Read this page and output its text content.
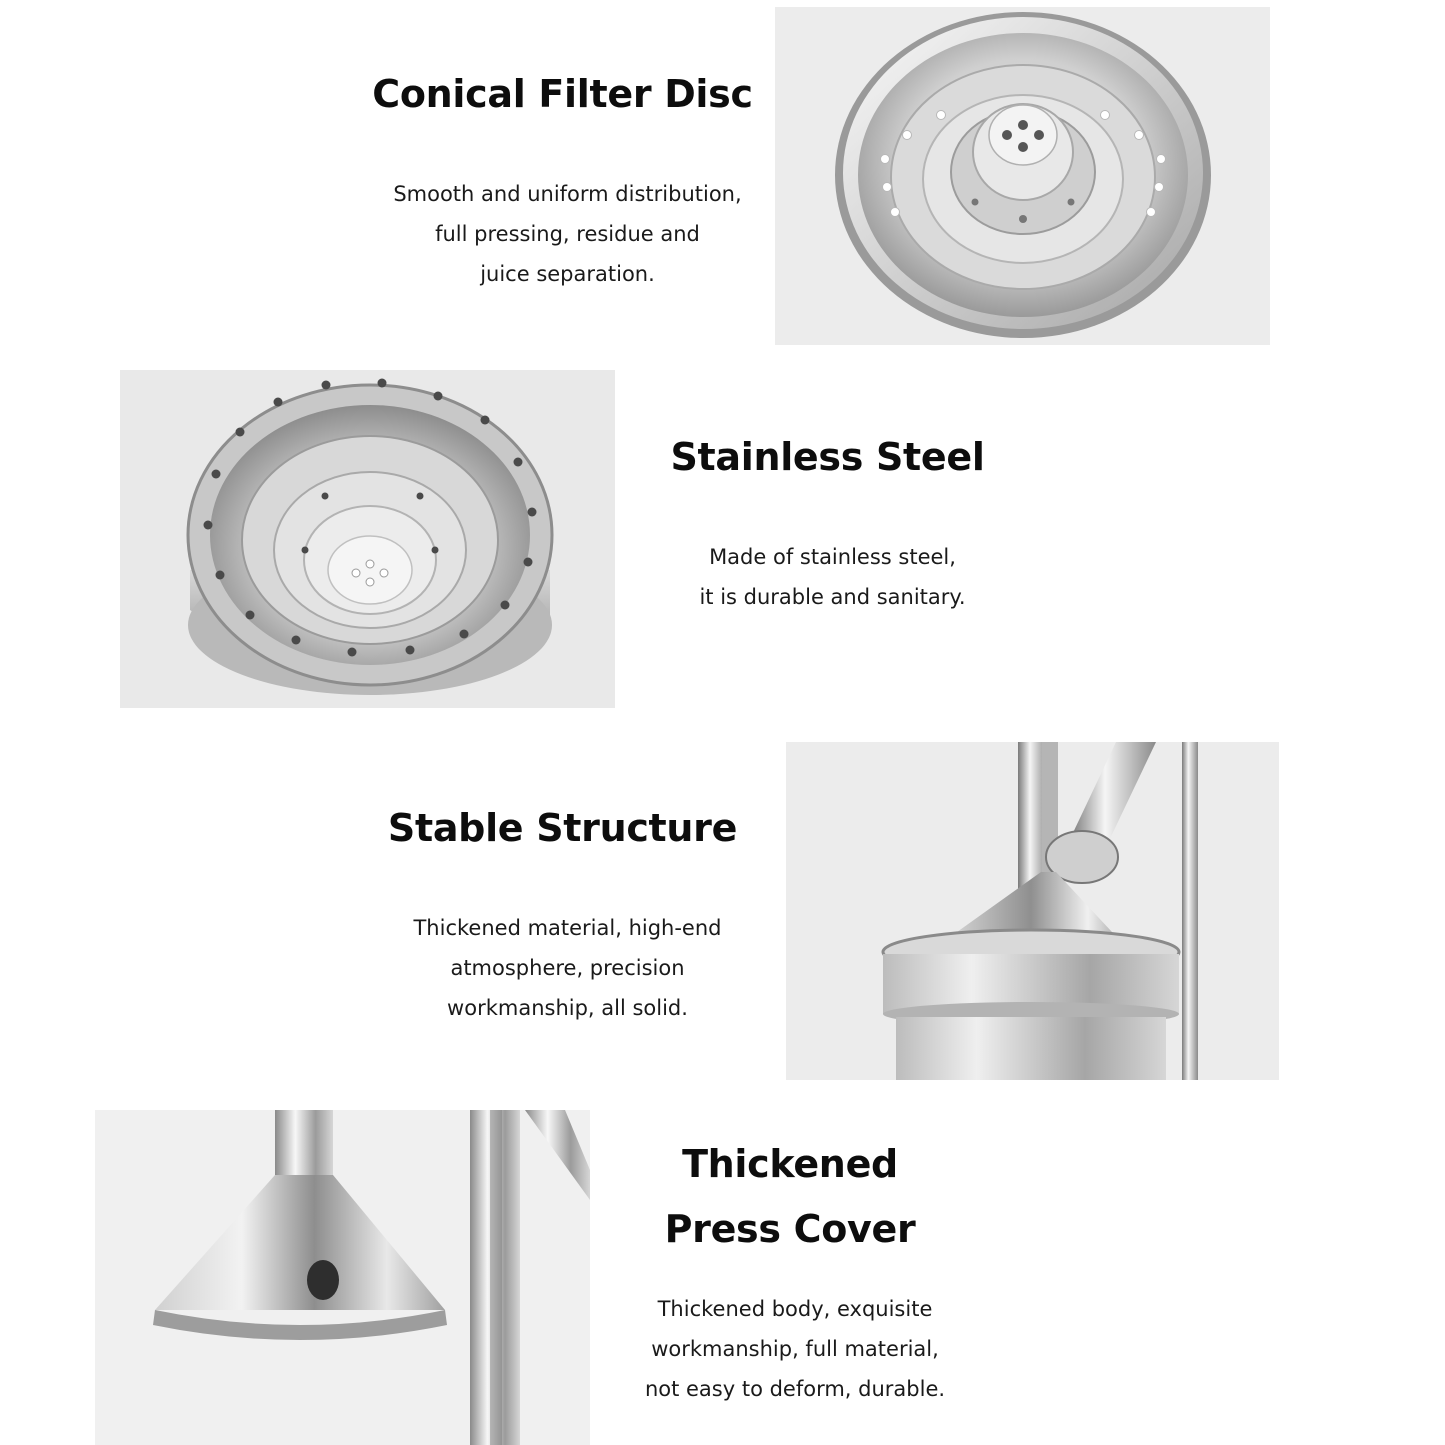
Conical Filter Disc
Smooth and uniform distribution,
full pressing, residue and
juice separation.
Stainless Steel
Made of stainless steel,
it is durable and sanitary.
Stable Structure
Thickened material, high-end
atmosphere, precision
workmanship, all solid.
Thickened
Press Cover
Thickened body, exquisite
workmanship, full material,
not easy to deform, durable.
